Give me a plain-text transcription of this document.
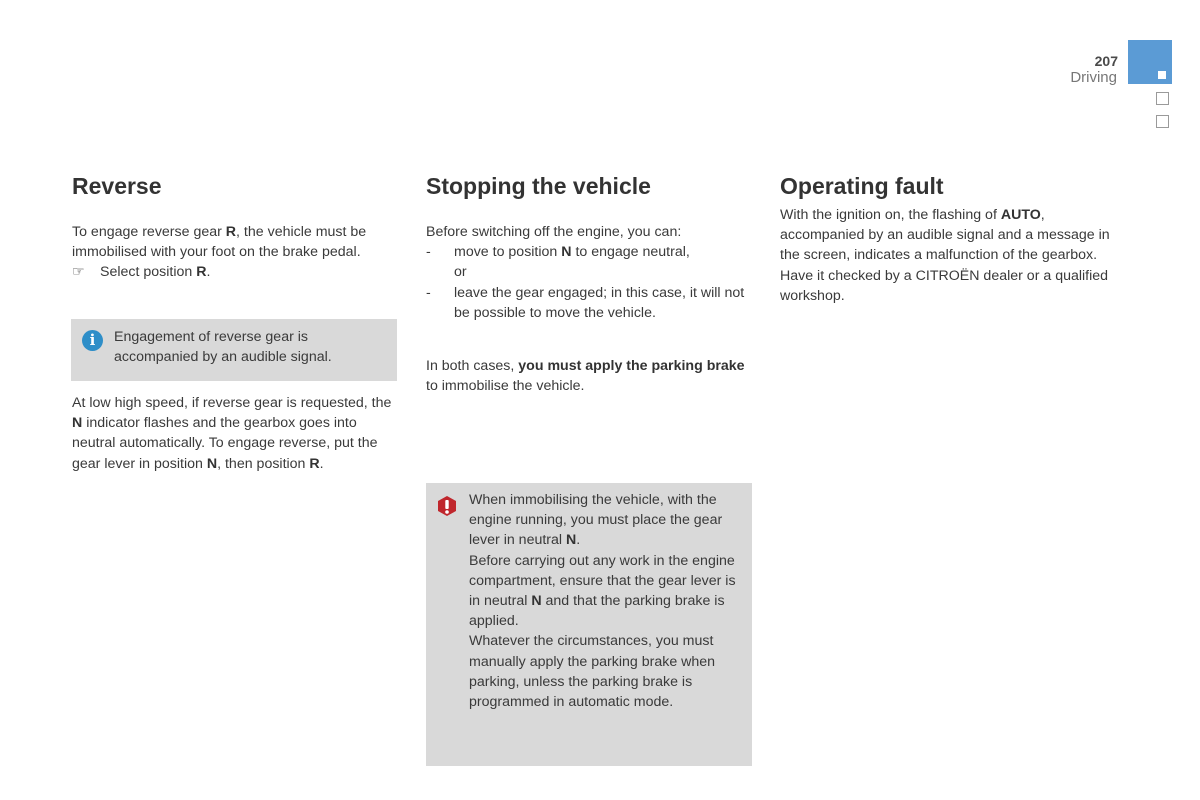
207
Driving
Reverse

To engage reverse gear R, the vehicle must be immobilised with your foot on the brake pedal.

☞	Select position R.
i	Engagement of reverse gear is accompanied by an audible signal.

At low high speed, if reverse gear is requested, the N indicator flashes and the gearbox goes into neutral automatically. To engage reverse, put the gear lever in position N, then position R.

Stopping the vehicle

Before switching off the engine, you can:

-	move to position N to engage neutral,
or
-	leave the gear engaged; in this case, it will not be possible to move the vehicle.

In both cases, you must apply the parking brake to immobilise the vehicle.

When immobilising the vehicle, with the engine running, you must place the gear lever in neutral N.

Before carrying out any work in the engine compartment, ensure that the gear lever is in neutral N and that the parking brake is applied.

Whatever the circumstances, you must manually apply the parking brake when parking, unless the parking brake is programmed in automatic mode.

Operating fault

With the ignition on, the flashing of AUTO, accompanied by an audible signal and a message in the screen, indicates a malfunction of the gearbox.

Have it checked by a CITROËN dealer or a qualified workshop.
